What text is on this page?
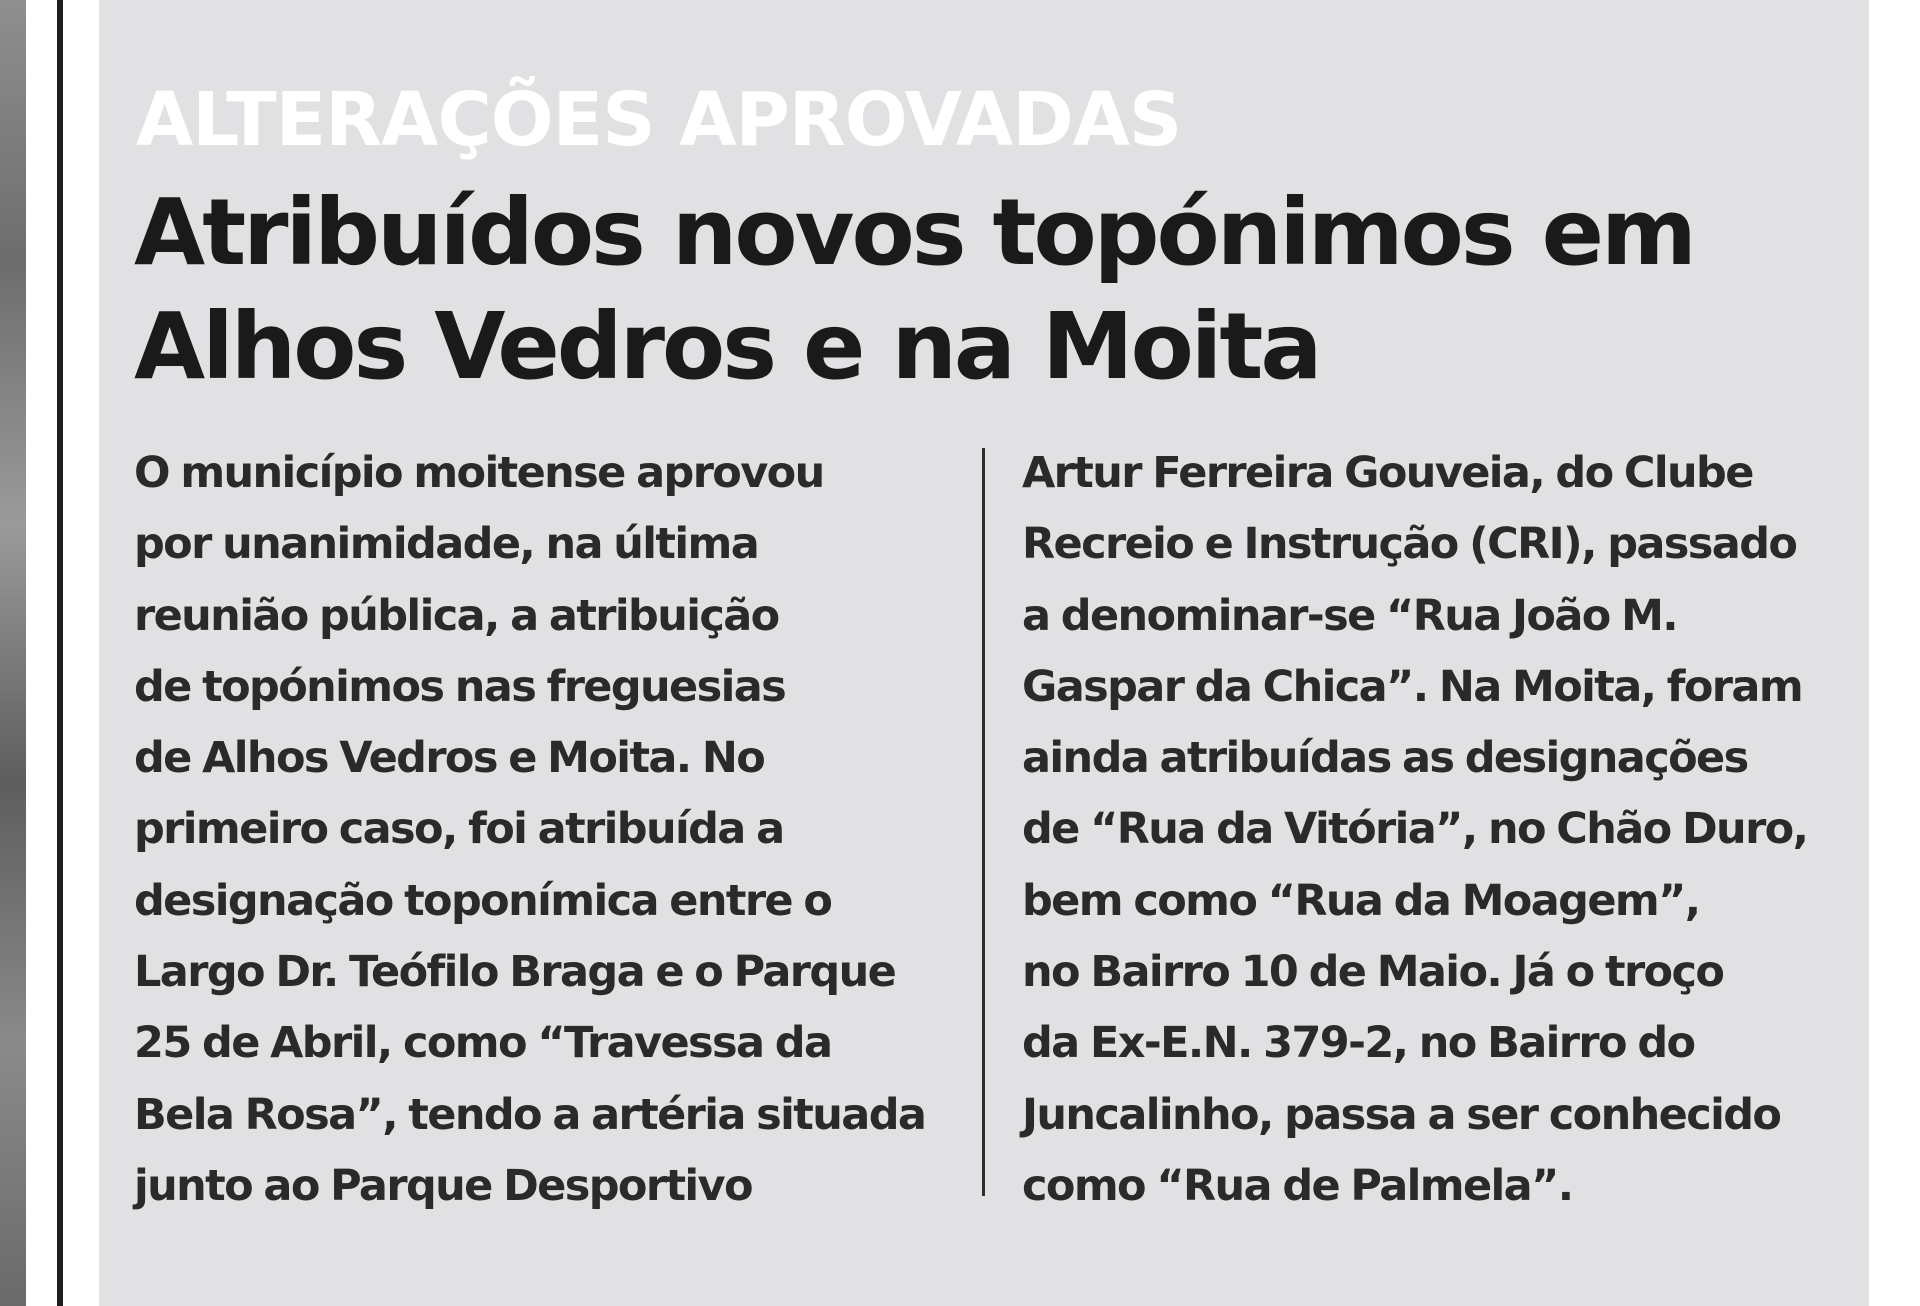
ALTERAÇÕES APROVADAS
Atribuídos novos topónimos em
Alhos Vedros e na Moita
O município moitense aprovou
por unanimidade, na última
reunião pública, a atribuição
de topónimos nas freguesias
de Alhos Vedros e Moita. No
primeiro caso, foi atribuída a
designação toponímica entre o
Largo Dr. Teófilo Braga e o Parque
25 de Abril, como “Travessa da
Bela Rosa”, tendo a artéria situada
junto ao Parque Desportivo
Artur Ferreira Gouveia, do Clube
Recreio e Instrução (CRI), passado
a denominar-se “Rua João M.
Gaspar da Chica”. Na Moita, foram
ainda atribuídas as designações
de “Rua da Vitória”, no Chão Duro,
bem como “Rua da Moagem”,
no Bairro 10 de Maio. Já o troço
da Ex-E.N. 379-2, no Bairro do
Juncalinho, passa a ser conhecido
como “Rua de Palmela”.
